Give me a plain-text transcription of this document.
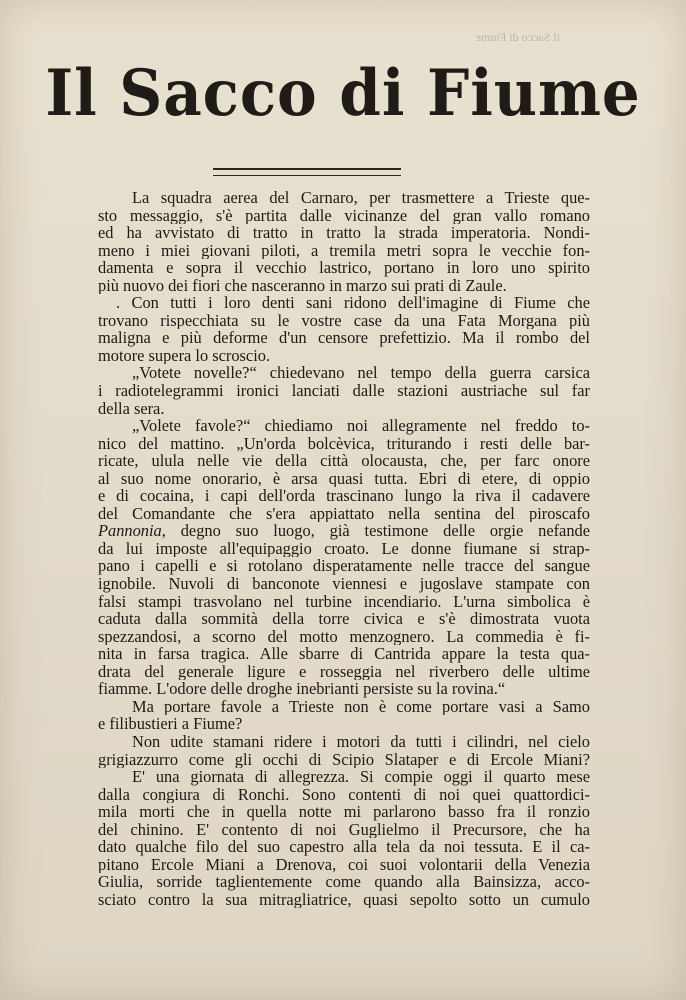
il Sacco di Fiume
Il Sacco di Fiume
La squadra aerea del Carnaro, per trasmettere a Trieste que-
sto messaggio, s'è partita dalle vicinanze del gran vallo romano
ed ha avvistato di tratto in tratto la strada imperatoria. Nondi-
meno i miei giovani piloti, a tremila metri sopra le vecchie fon-
damenta e sopra il vecchio lastrico, portano in loro uno spirito
più nuovo dei fiori che nasceranno in marzo sui prati di Zaule.
. Con tutti i loro denti sani ridono dell'imagine di Fiume che
trovano rispecchiata su le vostre case da una Fata Morgana più
maligna e più deforme d'un censore prefettizio. Ma il rombo del
motore supera lo scroscio.
„Votete novelle?“ chiedevano nel tempo della guerra carsica
i radiotelegrammi ironici lanciati dalle stazioni austriache sul far
della sera.
„Volete favole?“ chiediamo noi allegramente nel freddo to-
nico del mattino. „Un'orda bolcèvica, triturando i resti delle bar-
ricate, ulula nelle vie della città olocausta, che, per farc onore
al suo nome onorario, è arsa quasi tutta. Ebri di etere, di oppio
e di cocaina, i capi dell'orda trascinano lungo la riva il cadavere
del Comandante che s'era appiattato nella sentina del piroscafo
Pannonia, degno suo luogo, già testimone delle orgie nefande
da lui imposte all'equipaggio croato. Le donne fiumane si strap-
pano i capelli e si rotolano disperatamente nelle tracce del sangue
ignobile. Nuvoli di banconote viennesi e jugoslave stampate con
falsi stampi trasvolano nel turbine incendiario. L'urna simbolica è
caduta dalla sommità della torre civica e s'è dimostrata vuota
spezzandosi, a scorno del motto menzognero. La commedia è fi-
nita in farsa tragica. Alle sbarre di Cantrida appare la testa qua-
drata del generale ligure e rosseggia nel riverbero delle ultime
fiamme. L'odore delle droghe inebrianti persiste su la rovina.“
Ma portare favole a Trieste non è come portare vasi a Samo
e filibustieri a Fiume?
Non udite stamani ridere i motori da tutti i cilindri, nel cielo
grigiazzurro come gli occhi di Scipio Slataper e di Ercole Miani?
E' una giornata di allegrezza. Si compie oggi il quarto mese
dalla congiura di Ronchi. Sono contenti di noi quei quattordici-
mila morti che in quella notte mi parlarono basso fra il ronzio
del chinino. E' contento di noi Guglielmo il Precursore, che ha
dato qualche filo del suo capestro alla tela da noi tessuta. E il ca-
pitano Ercole Miani a Drenova, coi suoi volontarii della Venezia
Giulia, sorride taglientemente come quando alla Bainsizza, acco-
sciato contro la sua mitragliatrice, quasi sepolto sotto un cumulo
